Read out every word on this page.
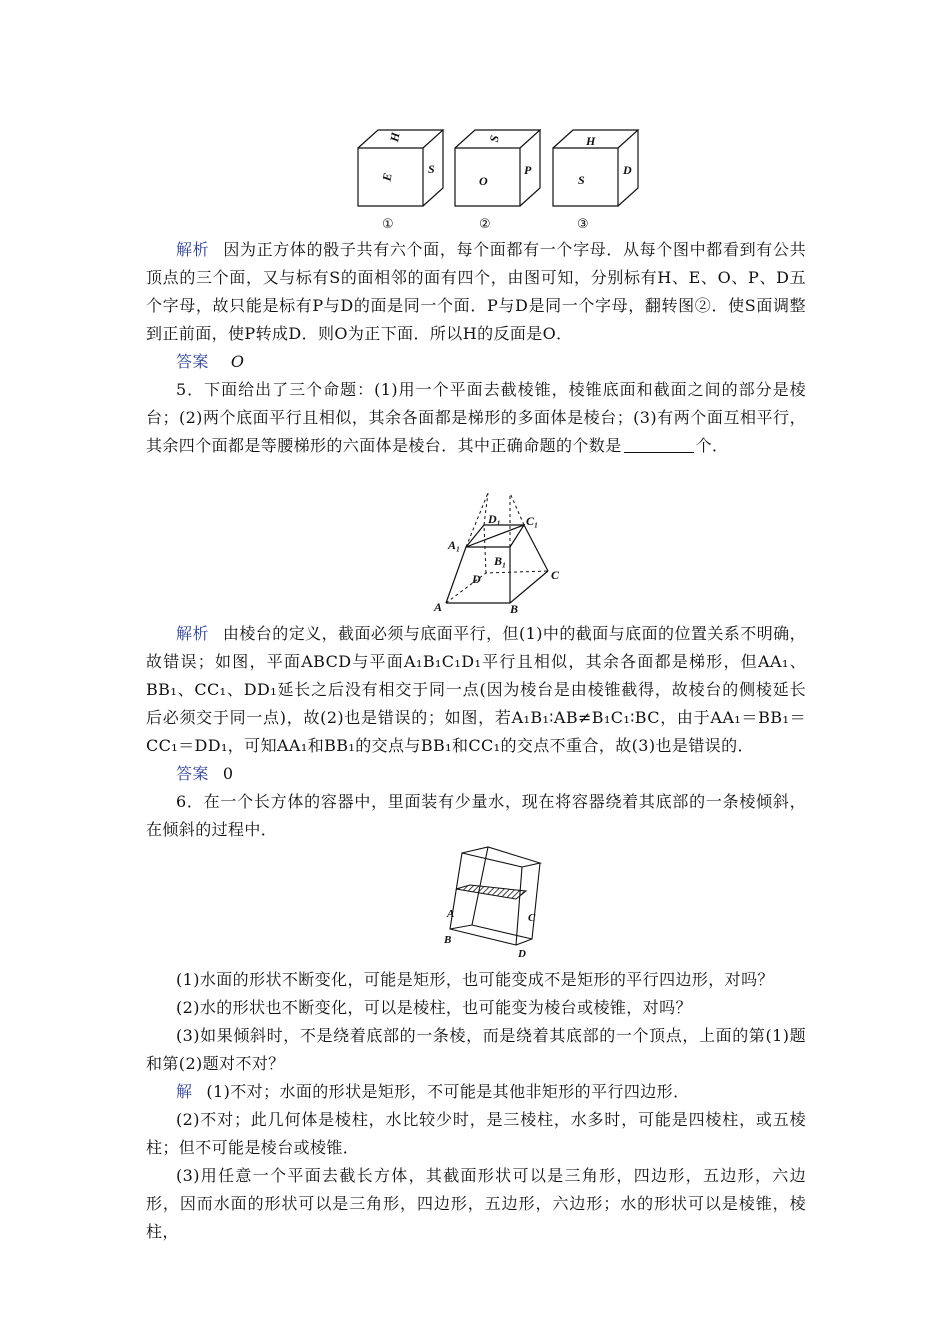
H
E
S
①
S
O
P
②
H
S
D
③

解析 因为正方体的骰子共有六个面，每个面都有一个字母．从每个图中都看到有公共顶点的三个面，又与标有S的面相邻的面有四个，由图可知，分别标有H、E、O、P、D五个字母，故只能是标有P与D的面是同一个面．P与D是同一个字母，翻转图②．使S面调整到正前面，使P转成D．则O为正下面．所以H的反面是O．

答案 O

5．下面给出了三个命题：(1)用一个平面去截棱锥，棱锥底面和截面之间的部分是棱台；(2)两个底面平行且相似，其余各面都是梯形的多面体是棱台；(3)有两个面互相平行，其余四个面都是等腰梯形的六面体是棱台．其中正确命题的个数是	个．

A	B
C
D
A₁
B₁
C₁
D₁

解析 由棱台的定义，截面必须与底面平行，但(1)中的截面与底面的位置关系不明确，故错误；如图，平面ABCD与平面A₁B₁C₁D₁平行且相似，其余各面都是梯形，但AA₁、BB₁、CC₁、DD₁延长之后没有相交于同一点(因为棱台是由棱锥截得，故棱台的侧棱延长后必须交于同一点)，故(2)也是错误的；如图，若A₁B₁∶AB≠B₁C₁∶BC，由于AA₁＝BB₁＝CC₁＝DD₁，可知AA₁和BB₁的交点与BB₁和CC₁的交点不重合，故(3)也是错误的．

答案 0

6．在一个长方体的容器中，里面装有少量水，现在将容器绕着其底部的一条棱倾斜，在倾斜的过程中．

A
B
C
D

(1)水面的形状不断变化，可能是矩形，也可能变成不是矩形的平行四边形，对吗？

(2)水的形状也不断变化，可以是棱柱，也可能变为棱台或棱锥，对吗？

(3)如果倾斜时，不是绕着底部的一条棱，而是绕着其底部的一个顶点，上面的第(1)题和第(2)题对不对？

解 (1)不对；水面的形状是矩形，不可能是其他非矩形的平行四边形．

(2)不对；此几何体是棱柱，水比较少时，是三棱柱，水多时，可能是四棱柱，或五棱柱；但不可能是棱台或棱锥．

(3)用任意一个平面去截长方体，其截面形状可以是三角形，四边形，五边形，六边形，因而水面的形状可以是三角形，四边形，五边形，六边形；水的形状可以是棱锥，棱柱，
